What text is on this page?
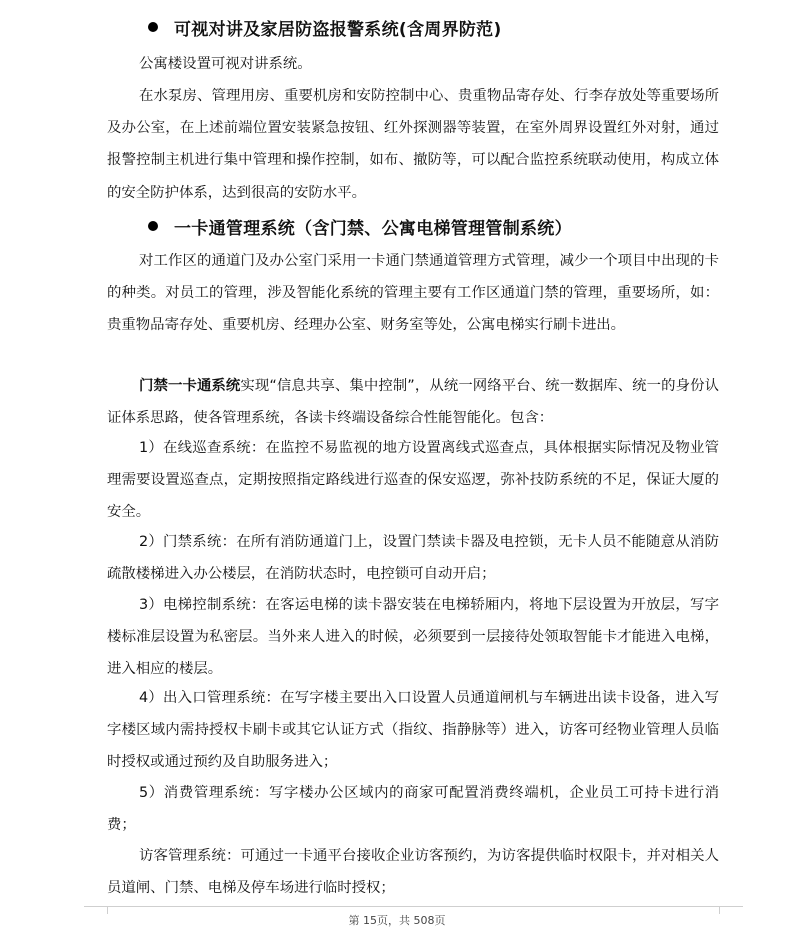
可视对讲及家居防盗报警系统(含周界防范)
公寓楼设置可视对讲系统。
在水泵房、管理用房、重要机房和安防控制中心、贵重物品寄存处、行李存放处等重要场所及办公室，在上述前端位置安装紧急按钮、红外探测器等装置，在室外周界设置红外对射，通过报警控制主机进行集中管理和操作控制，如布、撤防等，可以配合监控系统联动使用，构成立体的安全防护体系，达到很高的安防水平。
一卡通管理系统（含门禁、公寓电梯管理管制系统）
对工作区的通道门及办公室门采用一卡通门禁通道管理方式管理，减少一个项目中出现的卡的种类。对员工的管理，涉及智能化系统的管理主要有工作区通道门禁的管理，重要场所，如：贵重物品寄存处、重要机房、经理办公室、财务室等处，公寓电梯实行刷卡进出。
门禁一卡通系统实现“信息共享、集中控制”，从统一网络平台、统一数据库、统一的身份认证体系思路，使各管理系统，各读卡终端设备综合性能智能化。包含：
1）在线巡查系统：在监控不易监视的地方设置离线式巡查点，具体根据实际情况及物业管理需要设置巡查点，定期按照指定路线进行巡查的保安巡逻，弥补技防系统的不足，保证大厦的安全。
2）门禁系统：在所有消防通道门上，设置门禁读卡器及电控锁，无卡人员不能随意从消防疏散楼梯进入办公楼层，在消防状态时，电控锁可自动开启；
3）电梯控制系统：在客运电梯的读卡器安装在电梯轿厢内，将地下层设置为开放层，写字楼标准层设置为私密层。当外来人进入的时候，必须要到一层接待处领取智能卡才能进入电梯，进入相应的楼层。
4）出入口管理系统：在写字楼主要出入口设置人员通道闸机与车辆进出读卡设备，进入写字楼区域内需持授权卡刷卡或其它认证方式（指纹、指静脉等）进入，访客可经物业管理人员临时授权或通过预约及自助服务进入；
5）消费管理系统：写字楼办公区域内的商家可配置消费终端机，企业员工可持卡进行消费；
访客管理系统：可通过一卡通平台接收企业访客预约，为访客提供临时权限卡，并对相关人员道闸、门禁、电梯及停车场进行临时授权；
第 15页，共 508页
